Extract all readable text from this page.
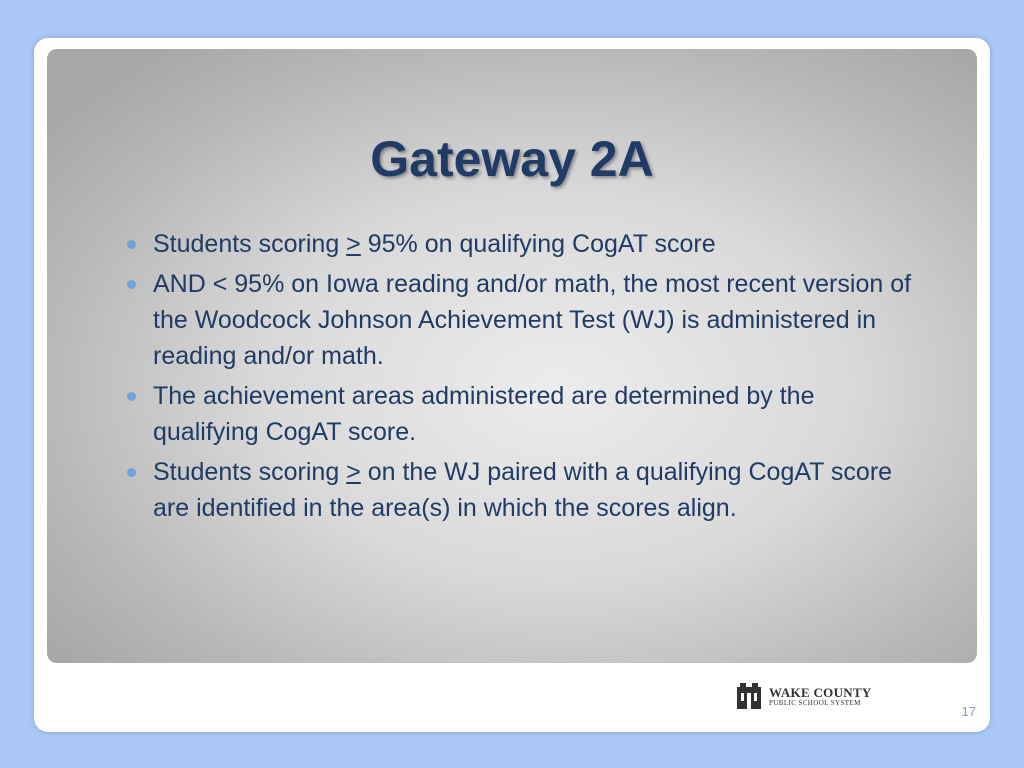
Gateway 2A
Students scoring ≥ 95% on qualifying CogAT score
AND < 95% on Iowa reading and/or math, the most recent version of the Woodcock Johnson Achievement Test (WJ) is administered in reading and/or math.
The achievement areas administered are determined by the qualifying CogAT score.
Students scoring > on the WJ paired with a qualifying CogAT score are identified in the area(s) in which the scores align.
WAKE COUNTY
PUBLIC SCHOOL SYSTEM
17
